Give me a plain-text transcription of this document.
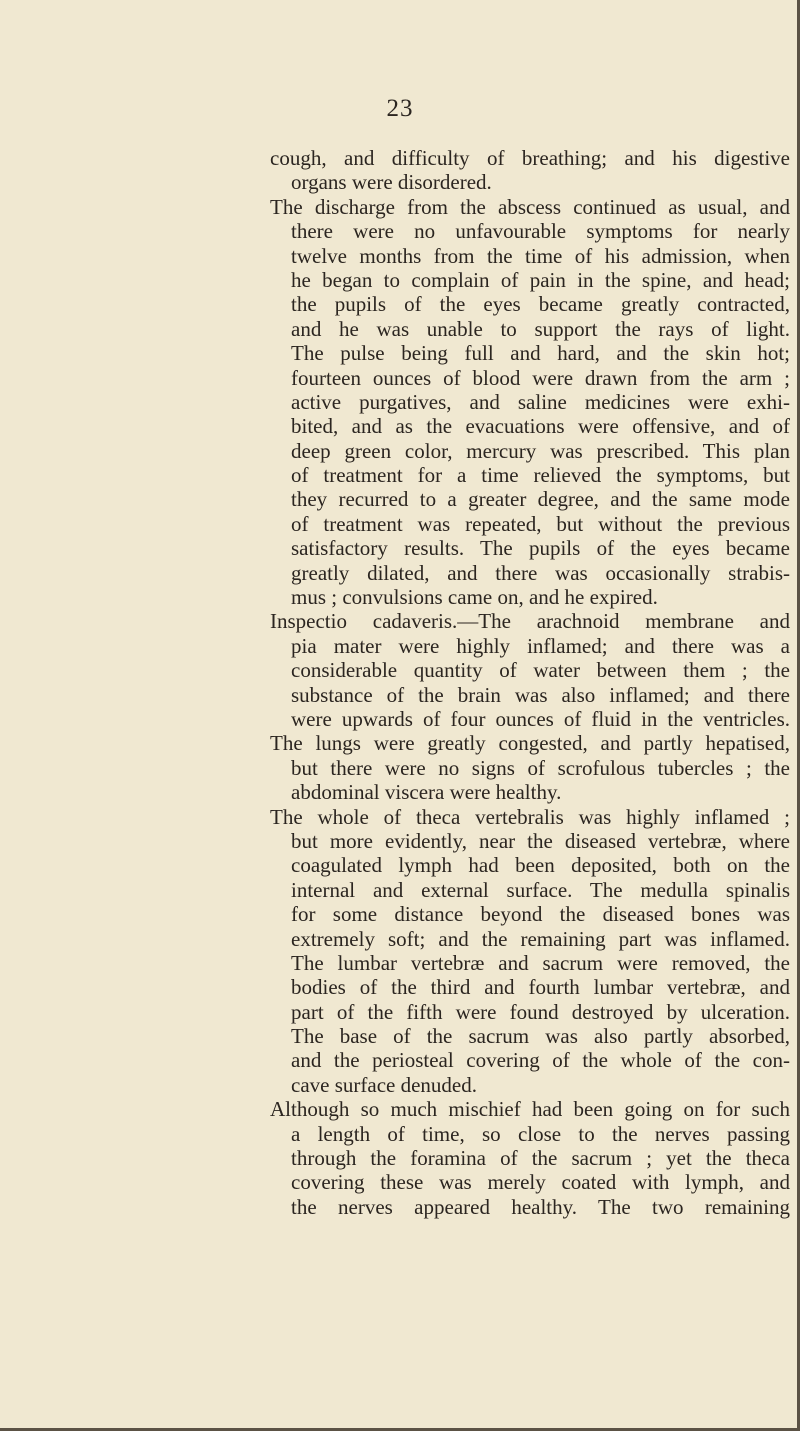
23
cough, and difficulty of breathing; and his digestive
organs were disordered.
The discharge from the abscess continued as usual, and
there were no unfavourable symptoms for nearly
twelve months from the time of his admission, when
he began to complain of pain in the spine, and head;
the pupils of the eyes became greatly contracted,
and he was unable to support the rays of light.
The pulse being full and hard, and the skin hot;
fourteen ounces of blood were drawn from the arm ;
active purgatives, and saline medicines were exhi-
bited, and as the evacuations were offensive, and of
deep green color, mercury was prescribed. This plan
of treatment for a time relieved the symptoms, but
they recurred to a greater degree, and the same mode
of treatment was repeated, but without the previous
satisfactory results. The pupils of the eyes became
greatly dilated, and there was occasionally strabis-
mus ; convulsions came on, and he expired.
Inspectio cadaveris.—The arachnoid membrane and
pia mater were highly inflamed; and there was a
considerable quantity of water between them ; the
substance of the brain was also inflamed; and there
were upwards of four ounces of fluid in the ventricles.
The lungs were greatly congested, and partly hepatised,
but there were no signs of scrofulous tubercles ; the
abdominal viscera were healthy.
The whole of theca vertebralis was highly inflamed ;
but more evidently, near the diseased vertebræ, where
coagulated lymph had been deposited, both on the
internal and external surface. The medulla spinalis
for some distance beyond the diseased bones was
extremely soft; and the remaining part was inflamed.
The lumbar vertebræ and sacrum were removed, the
bodies of the third and fourth lumbar vertebræ, and
part of the fifth were found destroyed by ulceration.
The base of the sacrum was also partly absorbed,
and the periosteal covering of the whole of the con-
cave surface denuded.
Although so much mischief had been going on for such
a length of time, so close to the nerves passing
through the foramina of the sacrum ; yet the theca
covering these was merely coated with lymph, and
the nerves appeared healthy. The two remaining
